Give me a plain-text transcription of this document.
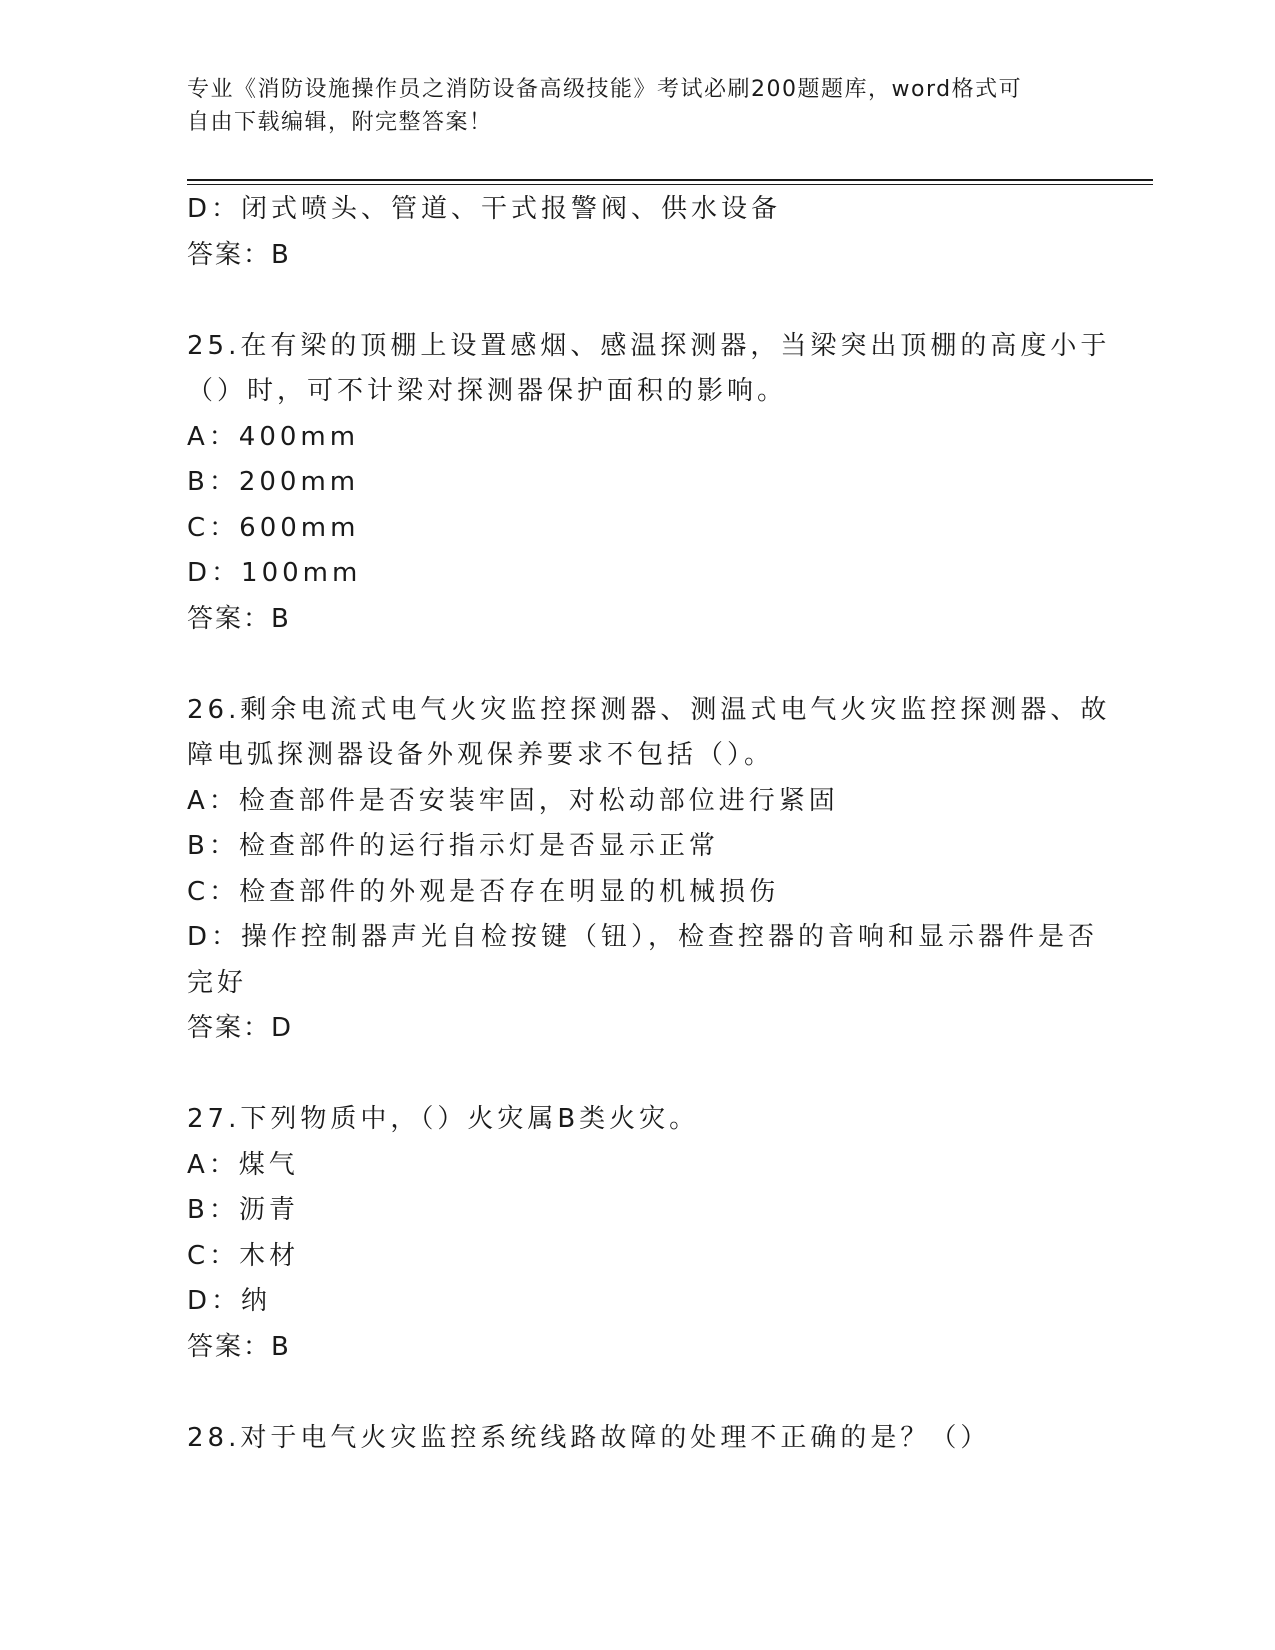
专业《消防设施操作员之消防设备高级技能》考试必刷200题题库，word格式可
自由下载编辑，附完整答案！
D：闭式喷头、管道、干式报警阀、供水设备
答案：B
25.在有梁的顶棚上设置感烟、感温探测器，当梁突出顶棚的高度小于
（）时，可不计梁对探测器保护面积的影响。
A：400mm
B：200mm
C：600mm
D：100mm
答案：B
26.剩余电流式电气火灾监控探测器、测温式电气火灾监控探测器、故
障电弧探测器设备外观保养要求不包括（）。
A：检查部件是否安装牢固，对松动部位进行紧固
B：检查部件的运行指示灯是否显示正常
C：检查部件的外观是否存在明显的机械损伤
D：操作控制器声光自检按键（钮），检查控器的音响和显示器件是否
完好
答案：D
27.下列物质中，（）火灾属B类火灾。
A：煤气
B：沥青
C：木材
D：纳
答案：B
28.对于电气火灾监控系统线路故障的处理不正确的是？（）
